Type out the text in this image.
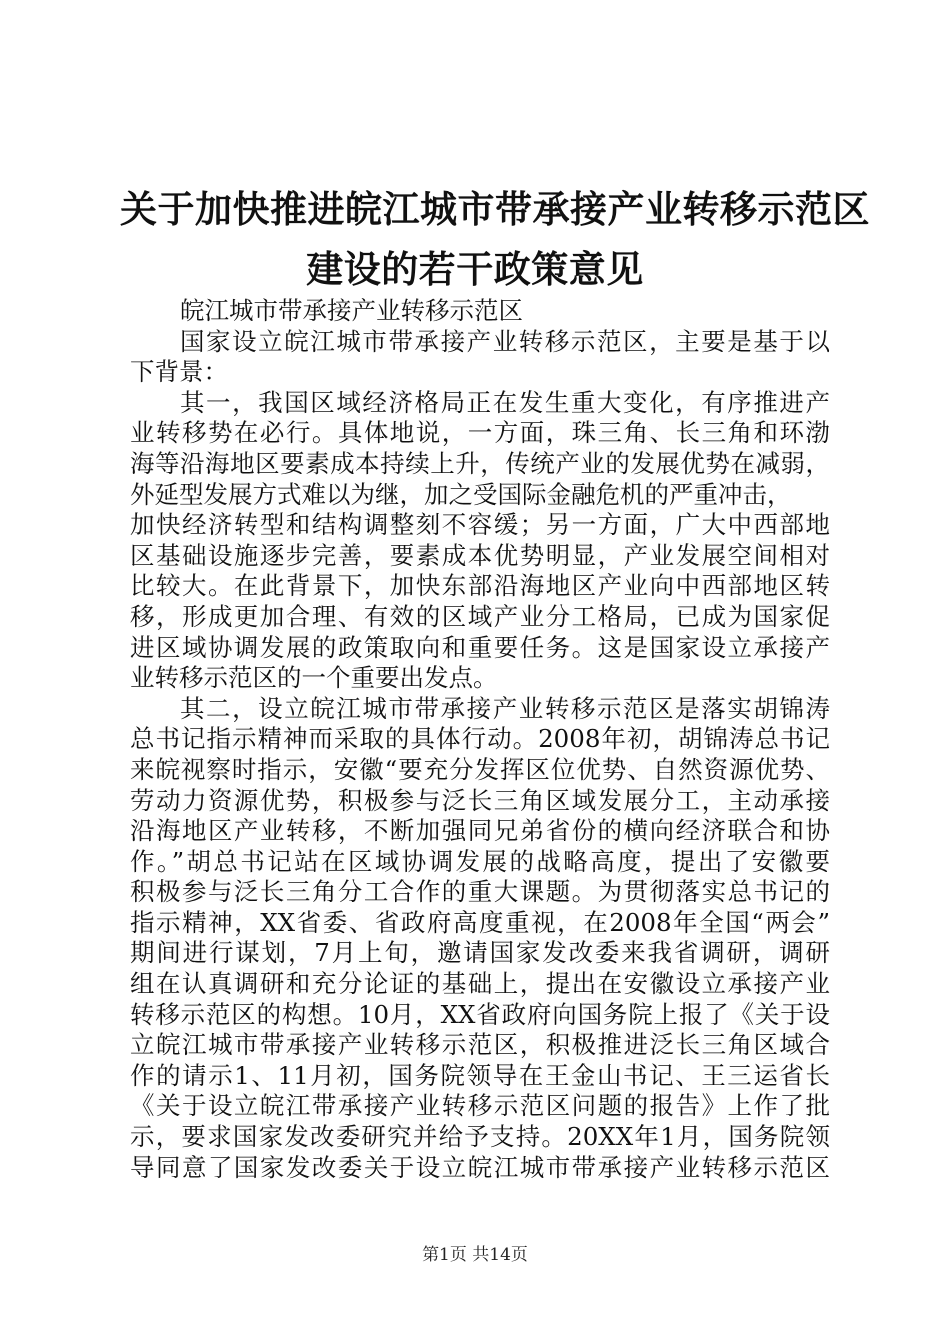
关于加快推进皖江城市带承接产业转移示范区
建设的若干政策意见
皖江城市带承接产业转移示范区
国家设立皖江城市带承接产业转移示范区，主要是基于以
下背景：
其一，我国区域经济格局正在发生重大变化，有序推进产
业转移势在必行。具体地说，一方面，珠三角、长三角和环渤
海等沿海地区要素成本持续上升，传统产业的发展优势在减弱，
外延型发展方式难以为继，加之受国际金融危机的严重冲击，
加快经济转型和结构调整刻不容缓；另一方面，广大中西部地
区基础设施逐步完善，要素成本优势明显，产业发展空间相对
比较大。在此背景下，加快东部沿海地区产业向中西部地区转
移，形成更加合理、有效的区域产业分工格局，已成为国家促
进区域协调发展的政策取向和重要任务。这是国家设立承接产
业转移示范区的一个重要出发点。
其二，设立皖江城市带承接产业转移示范区是落实胡锦涛
总书记指示精神而采取的具体行动。2008年初，胡锦涛总书记
来皖视察时指示，安徽“要充分发挥区位优势、自然资源优势、
劳动力资源优势，积极参与泛长三角区域发展分工，主动承接
沿海地区产业转移，不断加强同兄弟省份的横向经济联合和协
作。”胡总书记站在区域协调发展的战略高度，提出了安徽要
积极参与泛长三角分工合作的重大课题。为贯彻落实总书记的
指示精神，XX省委、省政府高度重视，在2008年全国“两会”
期间进行谋划，7月上旬，邀请国家发改委来我省调研，调研
组在认真调研和充分论证的基础上，提出在安徽设立承接产业
转移示范区的构想。10月，XX省政府向国务院上报了《关于设
立皖江城市带承接产业转移示范区，积极推进泛长三角区域合
作的请示1、11月初，国务院领导在王金山书记、王三运省长
《关于设立皖江带承接产业转移示范区问题的报告》上作了批
示，要求国家发改委研究并给予支持。20XX年1月，国务院领
导同意了国家发改委关于设立皖江城市带承接产业转移示范区
第1页 共14页
